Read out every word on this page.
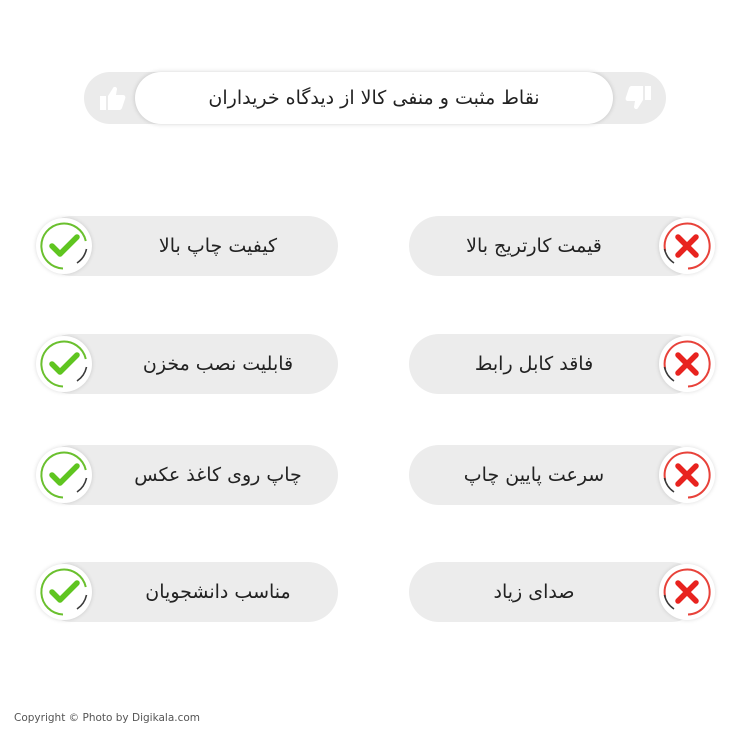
نقاط مثبت و منفی کالا از دیدگاه خریداران
کیفیت چاپ بالا
قابلیت نصب مخزن
چاپ روی کاغذ عکس
مناسب دانشجویان
قیمت کارتریج بالا
فاقد کابل رابط
سرعت پایین چاپ
صدای زیاد
Copyright © Photo by Digikala.com
